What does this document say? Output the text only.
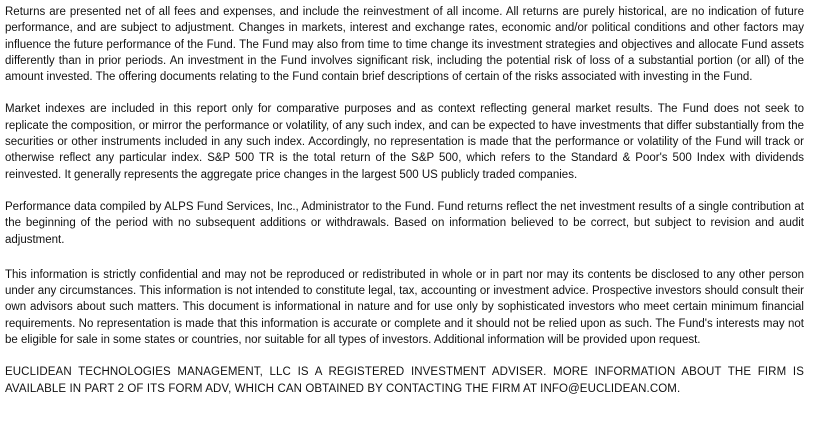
Returns are presented net of all fees and expenses, and include the reinvestment of all income. All returns are purely historical, are no indication of future performance, and are subject to adjustment. Changes in markets, interest and exchange rates, economic and/or political conditions and other factors may influence the future performance of the Fund. The Fund may also from time to time change its investment strategies and objectives and allocate Fund assets differently than in prior periods. An investment in the Fund involves significant risk, including the potential risk of loss of a substantial portion (or all) of the amount invested. The offering documents relating to the Fund contain brief descriptions of certain of the risks associated with investing in the Fund.

Market indexes are included in this report only for comparative purposes and as context reflecting general market results. The Fund does not seek to replicate the composition, or mirror the performance or volatility, of any such index, and can be expected to have investments that differ substantially from the securities or other instruments included in any such index. Accordingly, no representation is made that the performance or volatility of the Fund will track or otherwise reflect any particular index. S&P 500 TR is the total return of the S&P 500, which refers to the Standard & Poor's 500 Index with dividends reinvested. It generally represents the aggregate price changes in the largest 500 US publicly traded companies.

Performance data compiled by ALPS Fund Services, Inc., Administrator to the Fund. Fund returns reflect the net investment results of a single contribution at the beginning of the period with no subsequent additions or withdrawals. Based on information believed to be correct, but subject to revision and audit adjustment.

This information is strictly confidential and may not be reproduced or redistributed in whole or in part nor may its contents be disclosed to any other person under any circumstances. This information is not intended to constitute legal, tax, accounting or investment advice. Prospective investors should consult their own advisors about such matters. This document is informational in nature and for use only by sophisticated investors who meet certain minimum financial requirements. No representation is made that this information is accurate or complete and it should not be relied upon as such. The Fund's interests may not be eligible for sale in some states or countries, nor suitable for all types of investors. Additional information will be provided upon request.

EUCLIDEAN TECHNOLOGIES MANAGEMENT, LLC IS A REGISTERED INVESTMENT ADVISER. MORE INFORMATION ABOUT THE FIRM IS AVAILABLE IN PART 2 OF ITS FORM ADV, WHICH CAN OBTAINED BY CONTACTING THE FIRM AT INFO@EUCLIDEAN.COM.
